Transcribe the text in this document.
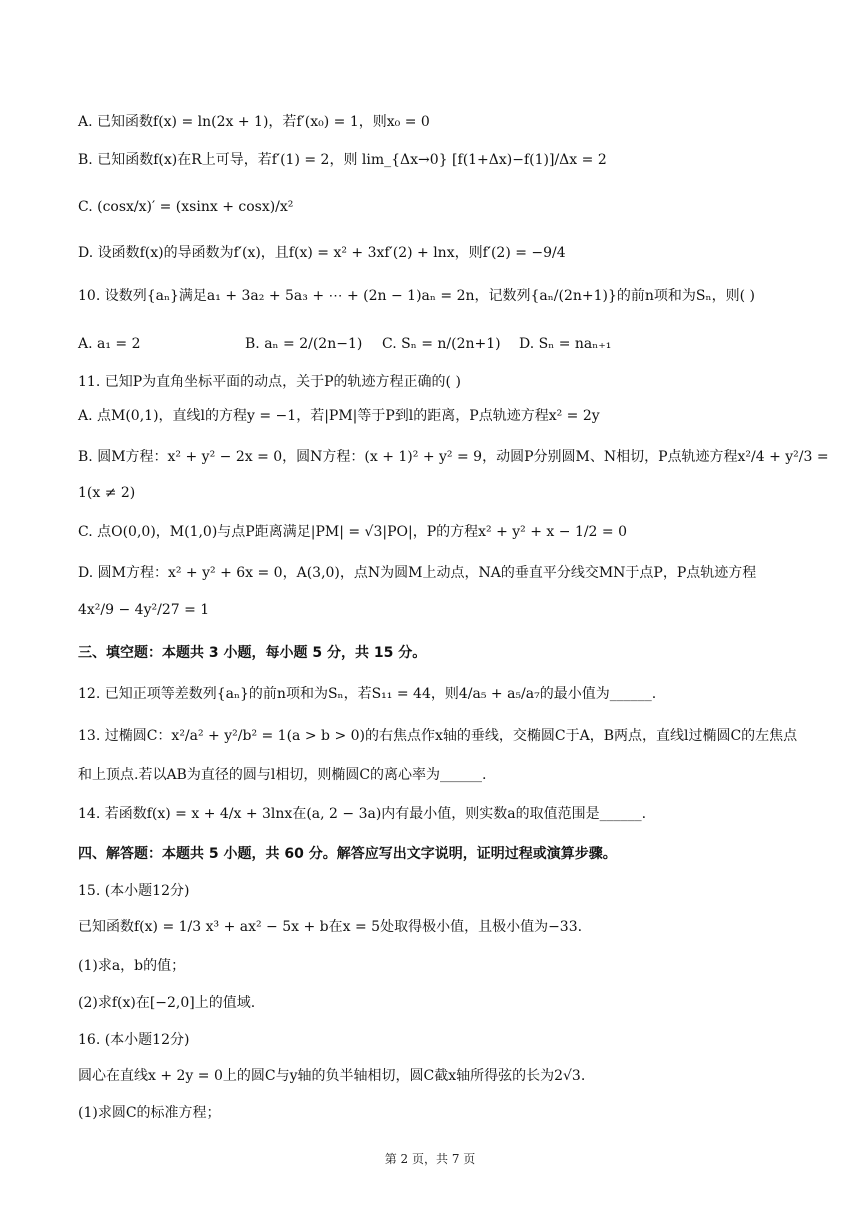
A. 已知函数f(x) = ln(2x + 1)，若f′(x₀) = 1，则x₀ = 0
B. 已知函数f(x)在R上可导，若f′(1) = 2，则 lim_{Δx→0} [f(1+Δx)−f(1)]/Δx = 2
C. (cosx/x)′ = (xsinx + cosx)/x²
D. 设函数f(x)的导函数为f′(x)，且f(x) = x² + 3xf′(2) + lnx，则f′(2) = −9/4
10. 设数列{aₙ}满足a₁ + 3a₂ + 5a₃ + ⋯ + (2n − 1)aₙ = 2n，记数列{aₙ/(2n+1)}的前n项和为Sₙ，则( )
A. a₁ = 2	B. aₙ = 2/(2n−1) C. Sₙ = n/(2n+1) D. Sₙ = naₙ₊₁
11. 已知P为直角坐标平面的动点，关于P的轨迹方程正确的( )
A. 点M(0,1)，直线l的方程y = −1，若|PM|等于P到l的距离，P点轨迹方程x² = 2y
B. 圆M方程：x² + y² − 2x = 0，圆N方程：(x + 1)² + y² = 9，动圆P分别圆M、N相切，P点轨迹方程x²/4 + y²/3 =
1(x ≠ 2)
C. 点O(0,0)，M(1,0)与点P距离满足|PM| = √3|PO|，P的方程x² + y² + x − 1/2 = 0
D. 圆M方程：x² + y² + 6x = 0，A(3,0)，点N为圆M上动点，NA的垂直平分线交MN于点P，P点轨迹方程
4x²/9 − 4y²/27 = 1
三、填空题：本题共 3 小题，每小题 5 分，共 15 分。
12. 已知正项等差数列{aₙ}的前n项和为Sₙ，若S₁₁ = 44，则4/a₅ + a₅/a₇的最小值为______.
13. 过椭圆C：x²/a² + y²/b² = 1(a > b > 0)的右焦点作x轴的垂线，交椭圆C于A，B两点，直线l过椭圆C的左焦点
和上顶点.若以AB为直径的圆与l相切，则椭圆C的离心率为______.
14. 若函数f(x) = x + 4/x + 3lnx在(a, 2 − 3a)内有最小值，则实数a的取值范围是______.
四、解答题：本题共 5 小题，共 60 分。解答应写出文字说明，证明过程或演算步骤。
15. (本小题12分)
已知函数f(x) = 1/3 x³ + ax² − 5x + b在x = 5处取得极小值，且极小值为−33.
(1)求a，b的值；
(2)求f(x)在[−2,0]上的值域.
16. (本小题12分)
圆心在直线x + 2y = 0上的圆C与y轴的负半轴相切，圆C截x轴所得弦的长为2√3.
(1)求圆C的标准方程；
第 2 页，共 7 页
